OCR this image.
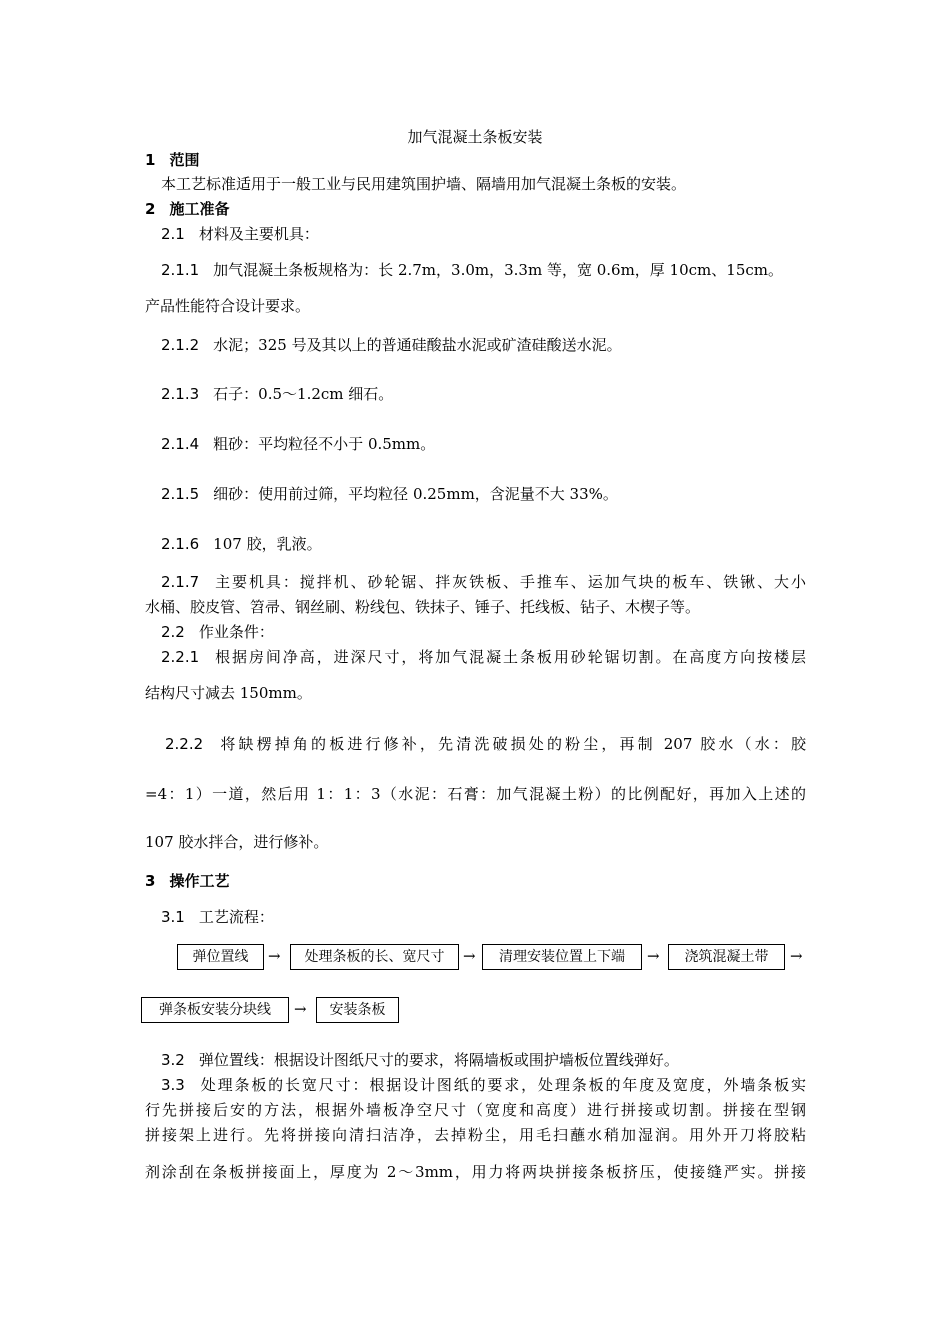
加气混凝土条板安装
1 范围
本工艺标准适用于一般工业与民用建筑围护墙、隔墙用加气混凝土条板的安装。
2 施工准备
2.1 材料及主要机具：
2.1.1 加气混凝土条板规格为：长 2.7m，3.0m，3.3m 等，宽 0.6m，厚 10cm、15cm。
产品性能符合设计要求。
2.1.2 水泥；325 号及其以上的普通硅酸盐水泥或矿渣硅酸送水泥。
2.1.3 石子：0.5～1.2cm 细石。
2.1.4 粗砂：平均粒径不小于 0.5mm。
2.1.5 细砂：使用前过筛，平均粒径 0.25mm，含泥量不大 33%。
2.1.6 107 胶，乳液。
2.1.7 主要机具：搅拌机、砂轮锯、拌灰铁板、手推车、运加气块的板车、铁锹、大小
水桶、胶皮管、笤帚、钢丝刷、粉线包、铁抹子、锤子、托线板、钻子、木楔子等。
2.2 作业条件：
2.2.1 根据房间净高，进深尺寸，将加气混凝土条板用砂轮锯切割。在高度方向按楼层
结构尺寸减去 150mm。
2.2.2 将缺楞掉角的板进行修补，先清洗破损处的粉尘，再制 207 胶水（水：胶
=4：1）一道，然后用 1：1：3（水泥：石膏：加气混凝土粉）的比例配好，再加入上述的
107 胶水拌合，进行修补。
3 操作工艺
3.1 工艺流程：
弹位置线	→	处理条板的长、宽尺寸	→	清理安装位置上下端	→	浇筑混凝土带	→
弹条板安装分块线	→	安装条板
3.2 弹位置线：根据设计图纸尺寸的要求，将隔墙板或围护墙板位置线弹好。
3.3 处理条板的长宽尺寸：根据设计图纸的要求，处理条板的年度及宽度，外墙条板实
行先拼接后安的方法，根据外墙板净空尺寸（宽度和高度）进行拼接或切割。拼接在型钢
拼接架上进行。先将拼接向清扫洁净，去掉粉尘，用毛扫蘸水稍加湿润。用外开刀将胶粘
剂涂刮在条板拼接面上，厚度为 2～3mm，用力将两块拼接条板挤压，使接缝严实。拼接
